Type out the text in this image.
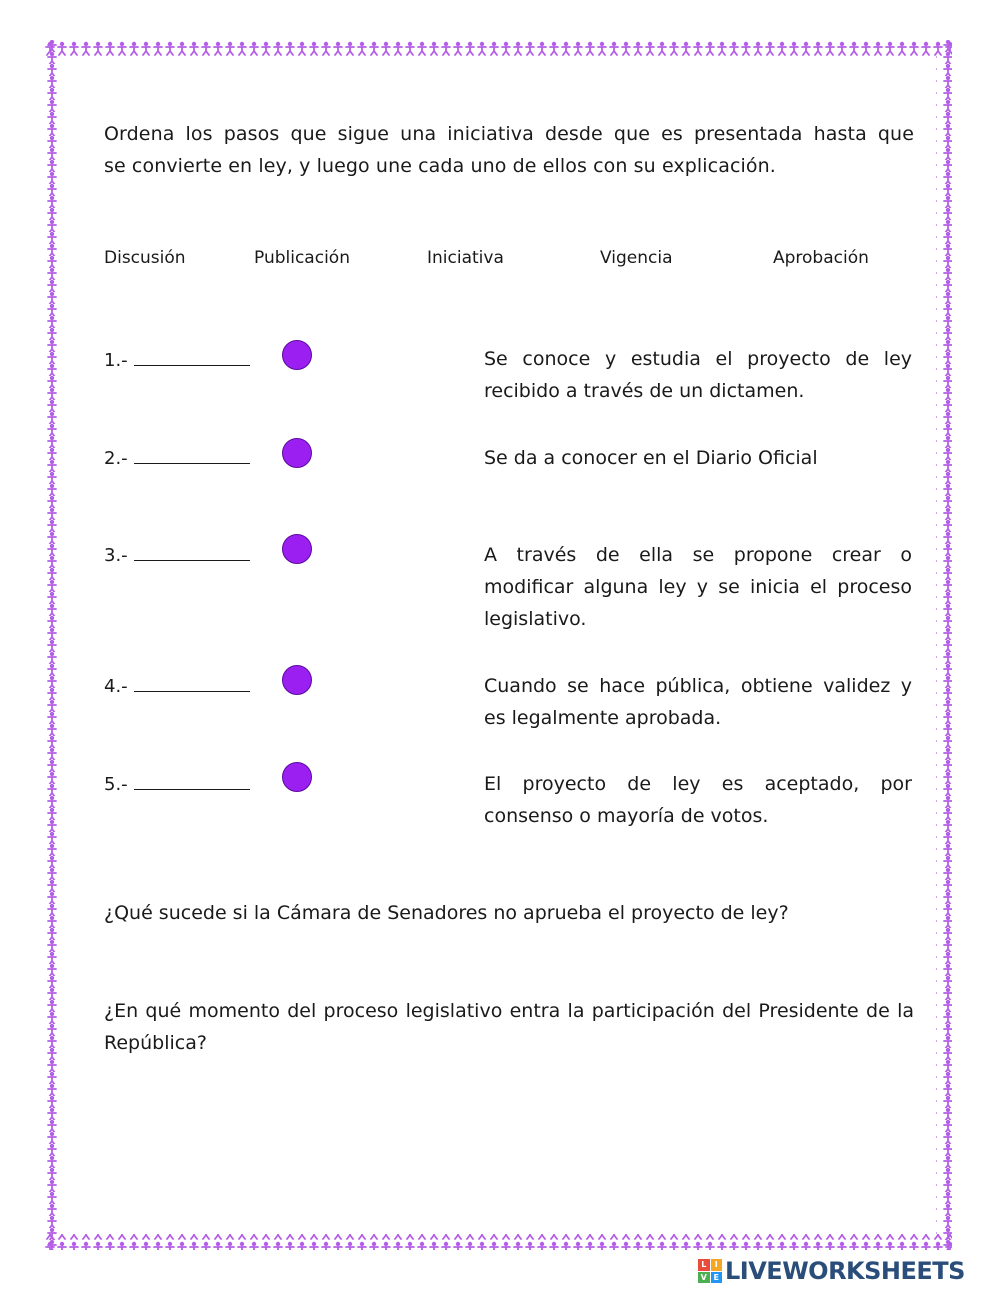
Ordena los pasos que sigue una iniciativa desde que es presentada hasta que
se convierte en ley, y luego une cada uno de ellos con su explicación.
Discusión	Publicación	Iniciativa	Vigencia	Aprobación
1.-	Se conoce y estudia el proyecto de ley recibido a través de un dictamen.
2.-	Se da a conocer en el Diario Oficial
3.-	A través de ella se propone crear o modificar alguna ley y se inicia el proceso legislativo.
4.-	Cuando se hace pública, obtiene validez y es legalmente aprobada.
5.-	El proyecto de ley es aceptado, por consenso o mayoría de votos.
¿Qué sucede si la Cámara de Senadores no aprueba el proyecto de ley?
¿En qué momento del proceso legislativo entra la participación del Presidente de la República?
L	I
V E LIVEWORKSHEETS
